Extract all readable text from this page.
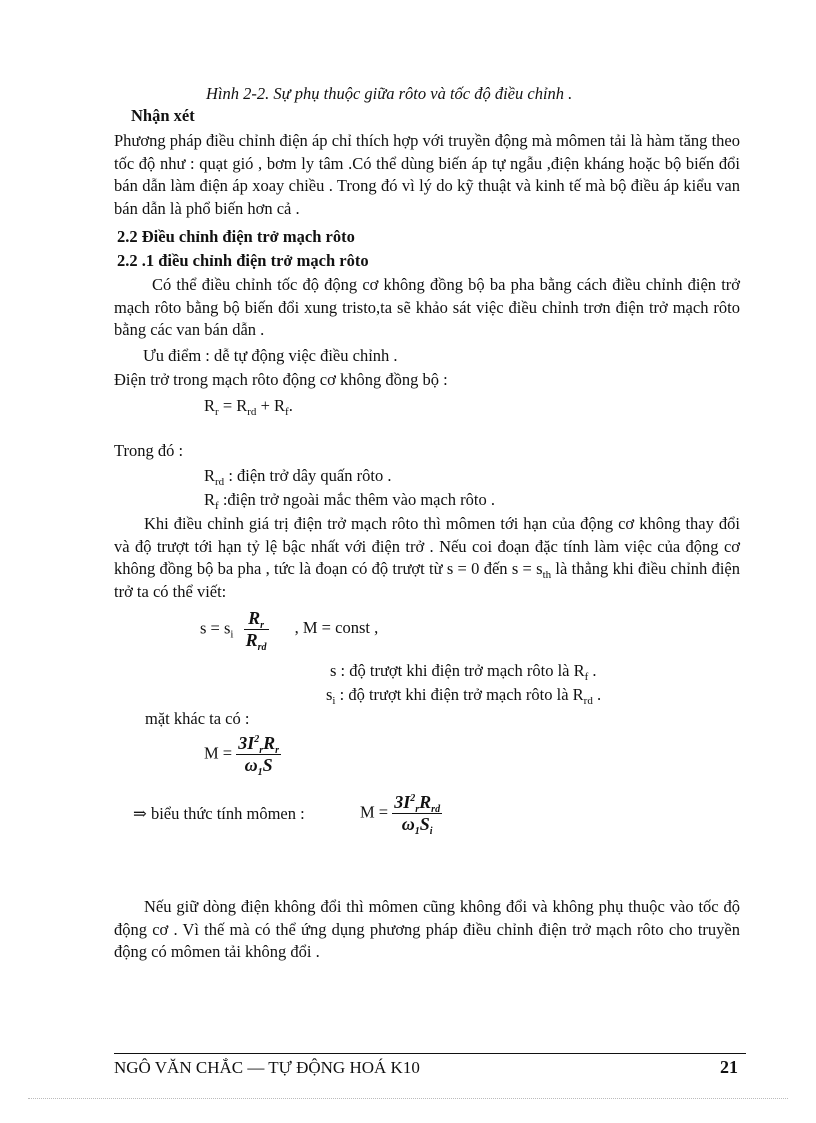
Hình 2-2. Sự phụ thuộc giữa rôto và tốc độ điều chỉnh .
Nhận xét
Phương pháp điều chỉnh điện áp chỉ thích hợp với truyền động mà mômen tải là hàm tăng theo tốc độ như : quạt gió , bơm ly tâm .Có thể dùng biến áp tự ngẫu ,điện kháng hoặc bộ biến đổi bán dẫn làm điện áp xoay chiều . Trong đó vì lý do kỹ thuật và kinh tế mà bộ điều áp kiểu van bán dẫn là phổ biến hơn cả .
2.2 Điều chỉnh điện trở mạch rôto
2.2 .1 điều chỉnh điện trở mạch rôto
Có thể điều chỉnh tốc độ động cơ không đồng bộ ba pha bằng cách điều chỉnh điện trở mạch rôto bằng bộ biến đổi xung tristo,ta sẽ khảo sát việc điều chỉnh trơn điện trở mạch rôto bằng các van bán dẫn .
Ưu điểm : dễ tự động việc điều chỉnh .
Điện trở trong mạch rôto động cơ không đồng bộ :
$R_r = R_{rd} + R_f$.
Trong đó :
$R_{rd}$ : điện trở dây quấn rôto .
$R_f$ :điện trở ngoài mắc thêm vào mạch rôto .
Khi điều chỉnh giá trị điện trở mạch rôto thì mômen tới hạn của động cơ không thay đổi và độ trượt tới hạn tỷ lệ bậc nhất với điện trở . Nếu coi đoạn đặc tính làm việc của động cơ không đồng bộ ba pha , tức là đoạn có độ trượt từ s = 0 đến $s = s_{th}$ là thẳng khi điều chỉnh điện trở ta có thể viết:
$s = s_i \frac{R_r}{R_{rd}}$ , M = const ,
s : độ trượt khi điện trở mạch rôto là $R_f$ .
$s_i$ : độ trượt khi điện trở mạch rôto là $R_{rd}$ .
mặt khác ta có :
$M = \frac{3I^2_rR_r}{\omega_1S}$
⇒ biểu thức tính mômen :	$M = \frac{3I^2_rR_{rd}}{\omega_1S_i}$
Nếu giữ dòng điện không đổi thì mômen cũng không đổi và không phụ thuộc vào tốc độ động cơ . Vì thế mà có thể ứng dụng phương pháp điều chỉnh điện trở mạch rôto cho truyền động có mômen tải không đổi .
NGÔ VĂN CHẮC — TỰ ĐỘNG HOÁ K10	21
